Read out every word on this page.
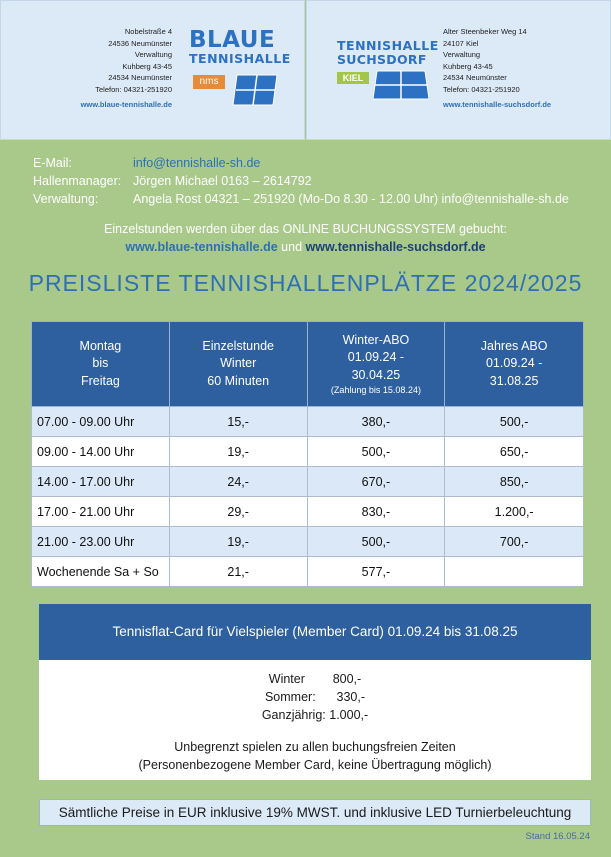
Nobelstraße 4
24536 Neumünster
Verwaltung
Kuhberg 43-45
24534 Neumünster
Telefon: 04321-251920
www.blaue-tennishalle.de
BLAUE
TENNISHALLE
nms
TENNISHALLE
SUCHSDORF
KIEL
Alter Steenbeker Weg 14
24107 Kiel
Verwaltung
Kuhberg 43-45
24534 Neumünster
Telefon: 04321-251920
www.tennishalle-suchsdorf.de
E-Mail:	info@tennishalle-sh.de
Hallenmanager: Jörgen Michael 0163 – 2614792
Verwaltung:	Angela Rost 04321 – 251920 (Mo-Do 8.30 - 12.00 Uhr) info@tennishalle-sh.de
Einzelstunden werden über das ONLINE BUCHUNGSSYSTEM gebucht:
www.blaue-tennishalle.de und www.tennishalle-suchsdorf.de
PREISLISTE TENNISHALLENPLÄTZE 2024/2025
Montag
bis
Freitag	Einzelstunde
Winter
60 Minuten	Winter-ABO
01.09.24 -
30.04.25
(Zahlung bis 15.08.24)	Jahres ABO
01.09.24 -
31.08.25
07.00 - 09.00 Uhr	15,-	380,-	500,-
09.00 - 14.00 Uhr	19,-	500,-	650,-
14.00 - 17.00 Uhr	24,-	670,-	850,-
17.00 - 21.00 Uhr	29,-	830,-	1.200,-
21.00 - 23.00 Uhr	19,-	500,-	700,-
Wochenende Sa + So	21,-	577,-	
Tennisflat-Card für Vielspieler (Member Card) 01.09.24 bis 31.08.25
Winter 800,-
Sommer: 330,-
Ganzjährig: 1.000,-
Unbegrenzt spielen zu allen buchungsfreien Zeiten
(Personenbezogene Member Card, keine Übertragung möglich)
Sämtliche Preise in EUR inklusive 19% MWST. und inklusive LED Turnierbeleuchtung
Stand 16.05.24
